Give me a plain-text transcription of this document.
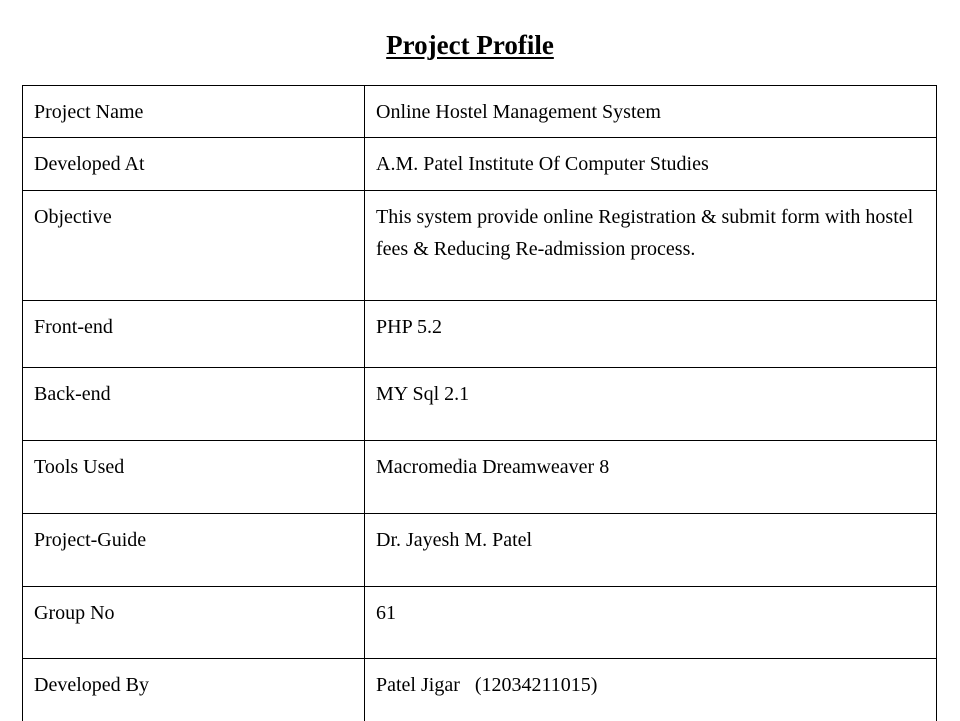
Project Profile
Project Name	Online Hostel Management System
Developed At	A.M. Patel Institute Of Computer Studies
Objective	This system provide online Registration & submit form with hostel fees & Reducing Re-admission process.
Front-end	PHP 5.2
Back-end	MY Sql 2.1
Tools Used	Macromedia Dreamweaver 8
Project-Guide	Dr. Jayesh M. Patel
Group No	61
Developed By	Patel Jigar   (12034211015)
